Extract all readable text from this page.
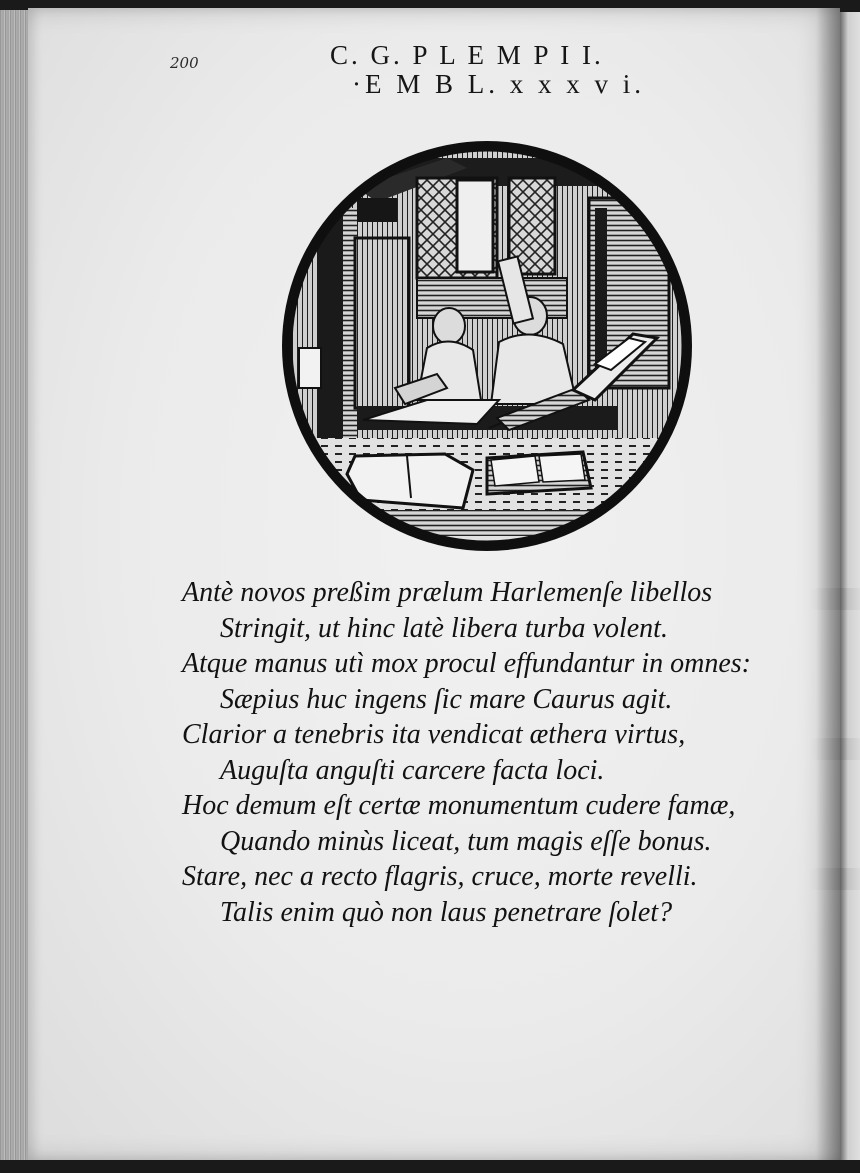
200	C. G. P L E M P I I.
·E M B L. x x x v i.
Antè novos preßim prælum Harlemenſe libellos
Stringit, ut hinc latè libera turba volent.
Atque manus utì mox procul effundantur in omnes:
Sæpius huc ingens ſic mare Caurus agit.
Clarior a tenebris ita vendicat æthera virtus,
Auguſta anguſti carcere facta loci.
Hoc demum eſt certæ monumentum cudere famæ,
Quando minùs liceat, tum magis eſſe bonus.
Stare, nec a recto flagris, cruce, morte revelli.
Talis enim quò non laus penetrare ſolet?
